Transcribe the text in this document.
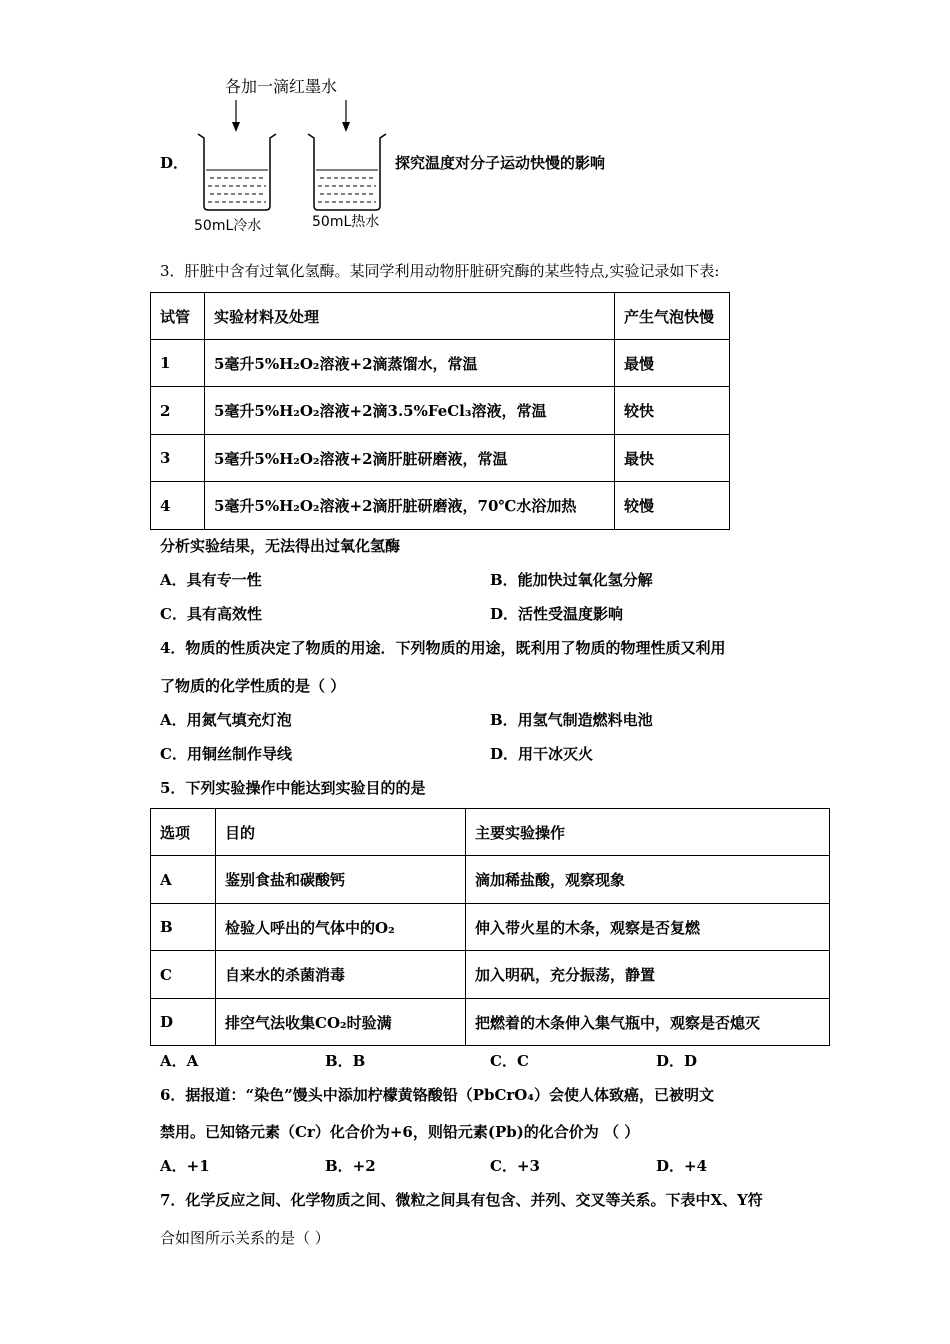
D．
各加一滴红墨水
50mL冷水	50mL热水
探究温度对分子运动快慢的影响
3．肝脏中含有过氧化氢酶。某同学利用动物肝脏研究酶的某些特点,实验记录如下表:
试管	实验材料及处理	产生气泡快慢
1	5毫升5%H₂O₂溶液+2滴蒸馏水，常温	最慢
2	5毫升5%H₂O₂溶液+2滴3.5%FeCl₃溶液，常温	较快
3	5毫升5%H₂O₂溶液+2滴肝脏研磨液，常温	最快
4	5毫升5%H₂O₂溶液+2滴肝脏研磨液，70℃水浴加热	较慢
分析实验结果，无法得出过氧化氢酶
A．具有专一性	B．能加快过氧化氢分解
C．具有高效性	D．活性受温度影响
4．物质的性质决定了物质的用途．下列物质的用途，既利用了物质的物理性质又利用
了物质的化学性质的是（ ）
A．用氮气填充灯泡	B．用氢气制造燃料电池
C．用铜丝制作导线	D．用干冰灭火
5．下列实验操作中能达到实验目的的是
选项	目的	主要实验操作
A	鉴别食盐和碳酸钙	滴加稀盐酸，观察现象
B	检验人呼出的气体中的O₂	伸入带火星的木条，观察是否复燃
C	自来水的杀菌消毒	加入明矾，充分振荡，静置
D	排空气法收集CO₂时验满	把燃着的木条伸入集气瓶中，观察是否熄灭
A．A	B．B	C．C	D．D
6．据报道：“染色”馒头中添加柠檬黄铬酸铅（PbCrO₄）会使人体致癌，已被明文
禁用。已知铬元素（Cr）化合价为+6，则铅元素(Pb)的化合价为 （ ）
A．+1	B．+2	C．+3	D．+4
7．化学反应之间、化学物质之间、微粒之间具有包含、并列、交叉等关系。下表中X、Y符
合如图所示关系的是（ ）
